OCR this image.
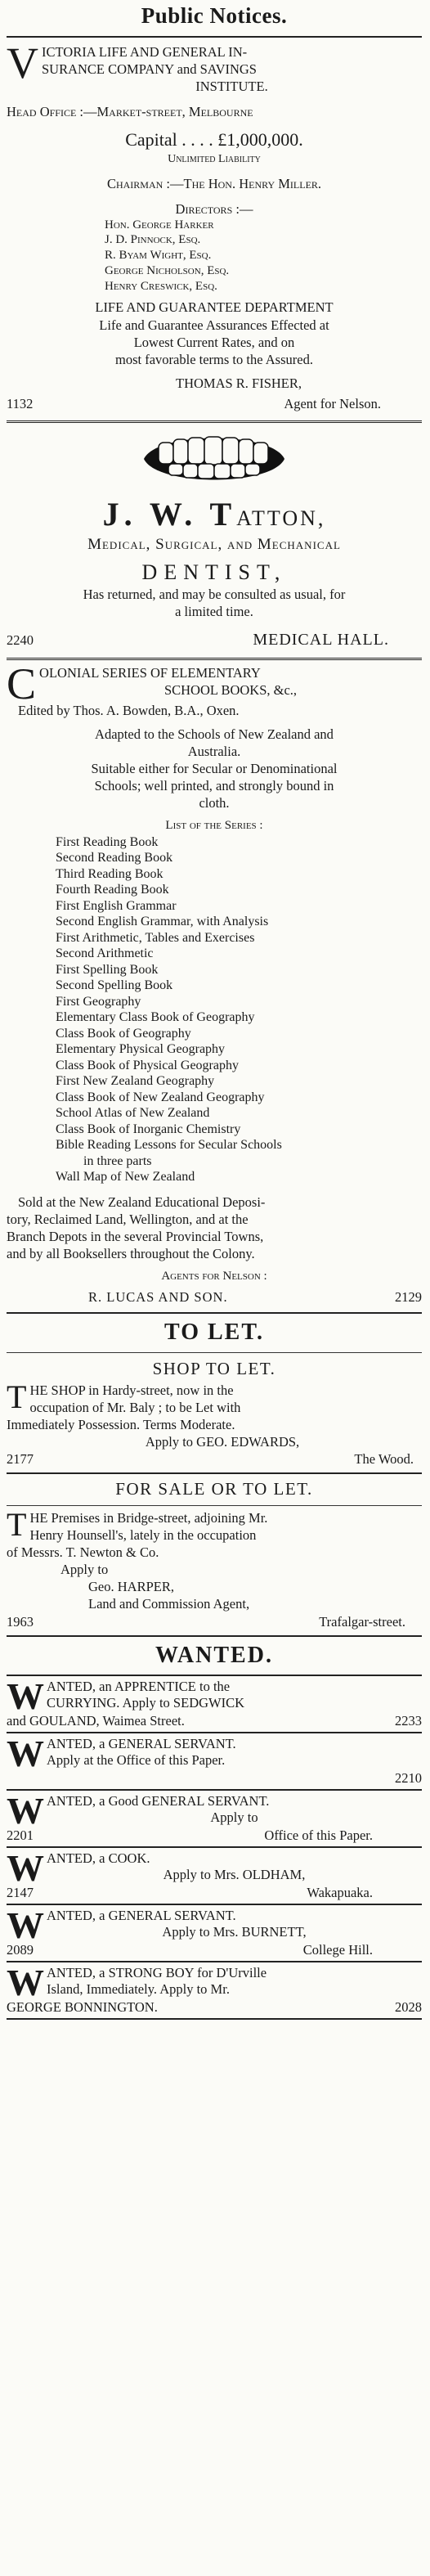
Public Notices.
V ICTORIA LIFE AND GENERAL IN-
SURANCE COMPANY and SAVINGS
INSTITUTE.
Head Office :—Market-street, Melbourne
Capital . . . . £1,000,000.
Unlimited Liability
Chairman :—The Hon. Henry Miller.
Directors :—
Hon. George Harker
J. D. Pinnock, Esq.
R. Byam Wight, Esq.
George Nicholson, Esq.
Henry Creswick, Esq.
LIFE AND GUARANTEE DEPARTMENT
Life and Guarantee Assurances Effected at
Lowest Current Rates, and on
most favorable terms to the Assured.
THOMAS R. FISHER,
1132	Agent for Nelson.
J. W. TATTON,
Medical, Surgical, and Mechanical
DENTIST,
Has returned, and may be consulted as usual, for
a limited time.
2240	MEDICAL HALL.
C OLONIAL SERIES OF ELEMENTARY
SCHOOL BOOKS, &c.,
Edited by Thos. A. Bowden, B.A., Oxen.
Adapted to the Schools of New Zealand and
Australia.
Suitable either for Secular or Denominational
Schools; well printed, and strongly bound in
cloth.
List of the Series :
First Reading Book
Second Reading Book
Third Reading Book
Fourth Reading Book
First English Grammar
Second English Grammar, with Analysis
First Arithmetic, Tables and Exercises
Second Arithmetic
First Spelling Book
Second Spelling Book
First Geography
Elementary Class Book of Geography
Class Book of Geography
Elementary Physical Geography
Class Book of Physical Geography
First New Zealand Geography
Class Book of New Zealand Geography
School Atlas of New Zealand
Class Book of Inorganic Chemistry
Bible Reading Lessons for Secular Schools
in three parts
Wall Map of New Zealand
Sold at the New Zealand Educational Deposi-
tory, Reclaimed Land, Wellington, and at the
Branch Depots in the several Provincial Towns,
and by all Booksellers throughout the Colony.
Agents for Nelson :
R. LUCAS AND SON.	2129
TO LET.
SHOP TO LET.
T HE SHOP in Hardy-street, now in the
occupation of Mr. Baly ; to be Let with
Immediately Possession. Terms Moderate.
Apply to GEO. EDWARDS,
2177	The Wood.
FOR SALE OR TO LET.
T HE Premises in Bridge-street, adjoining Mr.
Henry Hounsell's, lately in the occupation
of Messrs. T. Newton & Co.
Apply to
Geo. HARPER,
Land and Commission Agent,
1963	Trafalgar-street.
WANTED.
W ANTED, an APPRENTICE to the
CURRYING. Apply to SEDGWICK
and GOULAND, Waimea Street.	2233
W ANTED, a GENERAL SERVANT.
Apply at the Office of this Paper.
2210
W ANTED, a Good GENERAL SERVANT.
Apply to
2201	Office of this Paper.
W ANTED, a COOK.
Apply to Mrs. OLDHAM,
2147	Wakapuaka.
W ANTED, a GENERAL SERVANT.
Apply to Mrs. BURNETT,
2089	College Hill.
W ANTED, a STRONG BOY for D'Urville
Island, Immediately. Apply to Mr.
GEORGE BONNINGTON.	2028
